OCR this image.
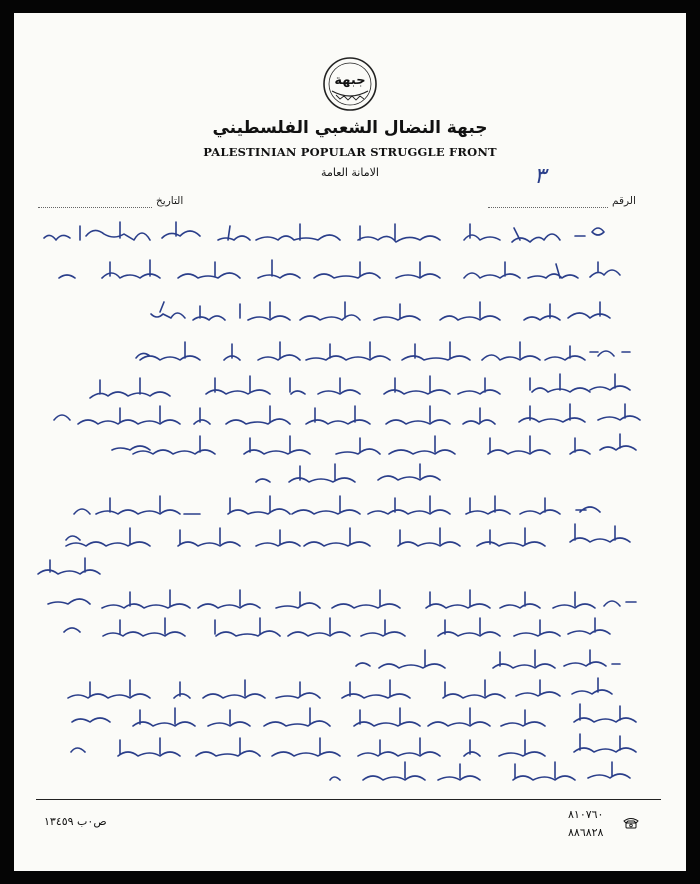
جبهة
جبهة النضال الشعبي الفلسطيني
PALESTINIAN POPULAR STRUGGLE FRONT
الامانة العامة
الرقم
٣
التاريخ
ص٠ب ١٣٤٥٩
٨١٠٧٦٠
٨٨٦٨٢٨
